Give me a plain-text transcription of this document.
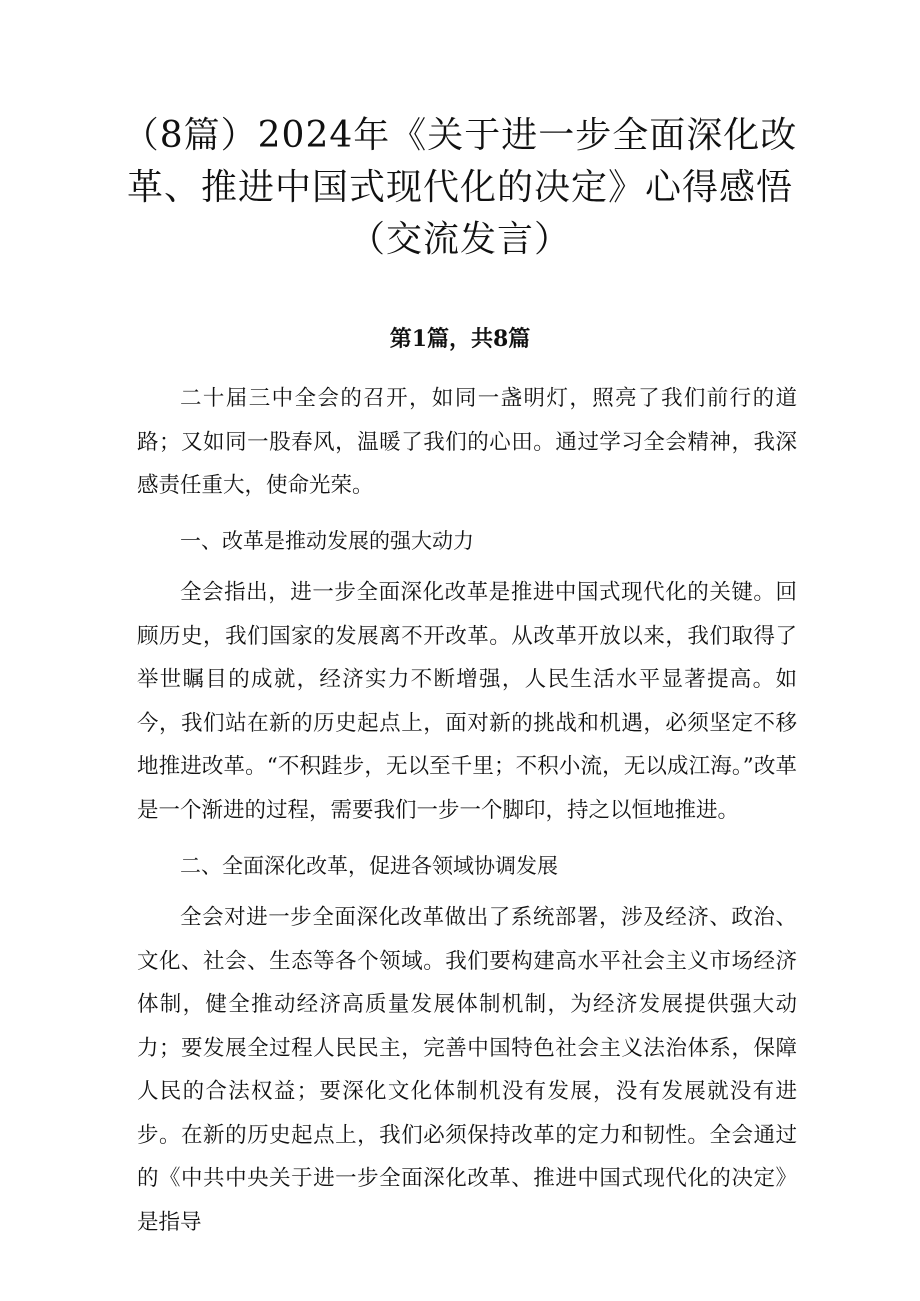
（8篇）2024年《关于进一步全面深化改
革、推进中国式现代化的决定》心得感悟
（交流发言）

第1篇，共8篇

二十届三中全会的召开，如同一盏明灯，照亮了我们前行的道路；又如同一股春风，温暖了我们的心田。通过学习全会精神，我深感责任重大，使命光荣。

一、改革是推动发展的强大动力

全会指出，进一步全面深化改革是推进中国式现代化的关键。回顾历史，我们国家的发展离不开改革。从改革开放以来，我们取得了举世瞩目的成就，经济实力不断增强，人民生活水平显著提高。如今，我们站在新的历史起点上，面对新的挑战和机遇，必须坚定不移地推进改革。“不积跬步，无以至千里；不积小流，无以成江海。”改革是一个渐进的过程，需要我们一步一个脚印，持之以恒地推进。

二、全面深化改革，促进各领域协调发展

全会对进一步全面深化改革做出了系统部署，涉及经济、政治、文化、社会、生态等各个领域。我们要构建高水平社会主义市场经济体制，健全推动经济高质量发展体制机制，为经济发展提供强大动力；要发展全过程人民民主，完善中国特色社会主义法治体系，保障人民的合法权益；要深化文化体制机没有发展，没有发展就没有进步。在新的历史起点上，我们必须保持改革的定力和韧性。全会通过的《中共中央关于进一步全面深化改革、推进中国式现代化的决定》是指导
